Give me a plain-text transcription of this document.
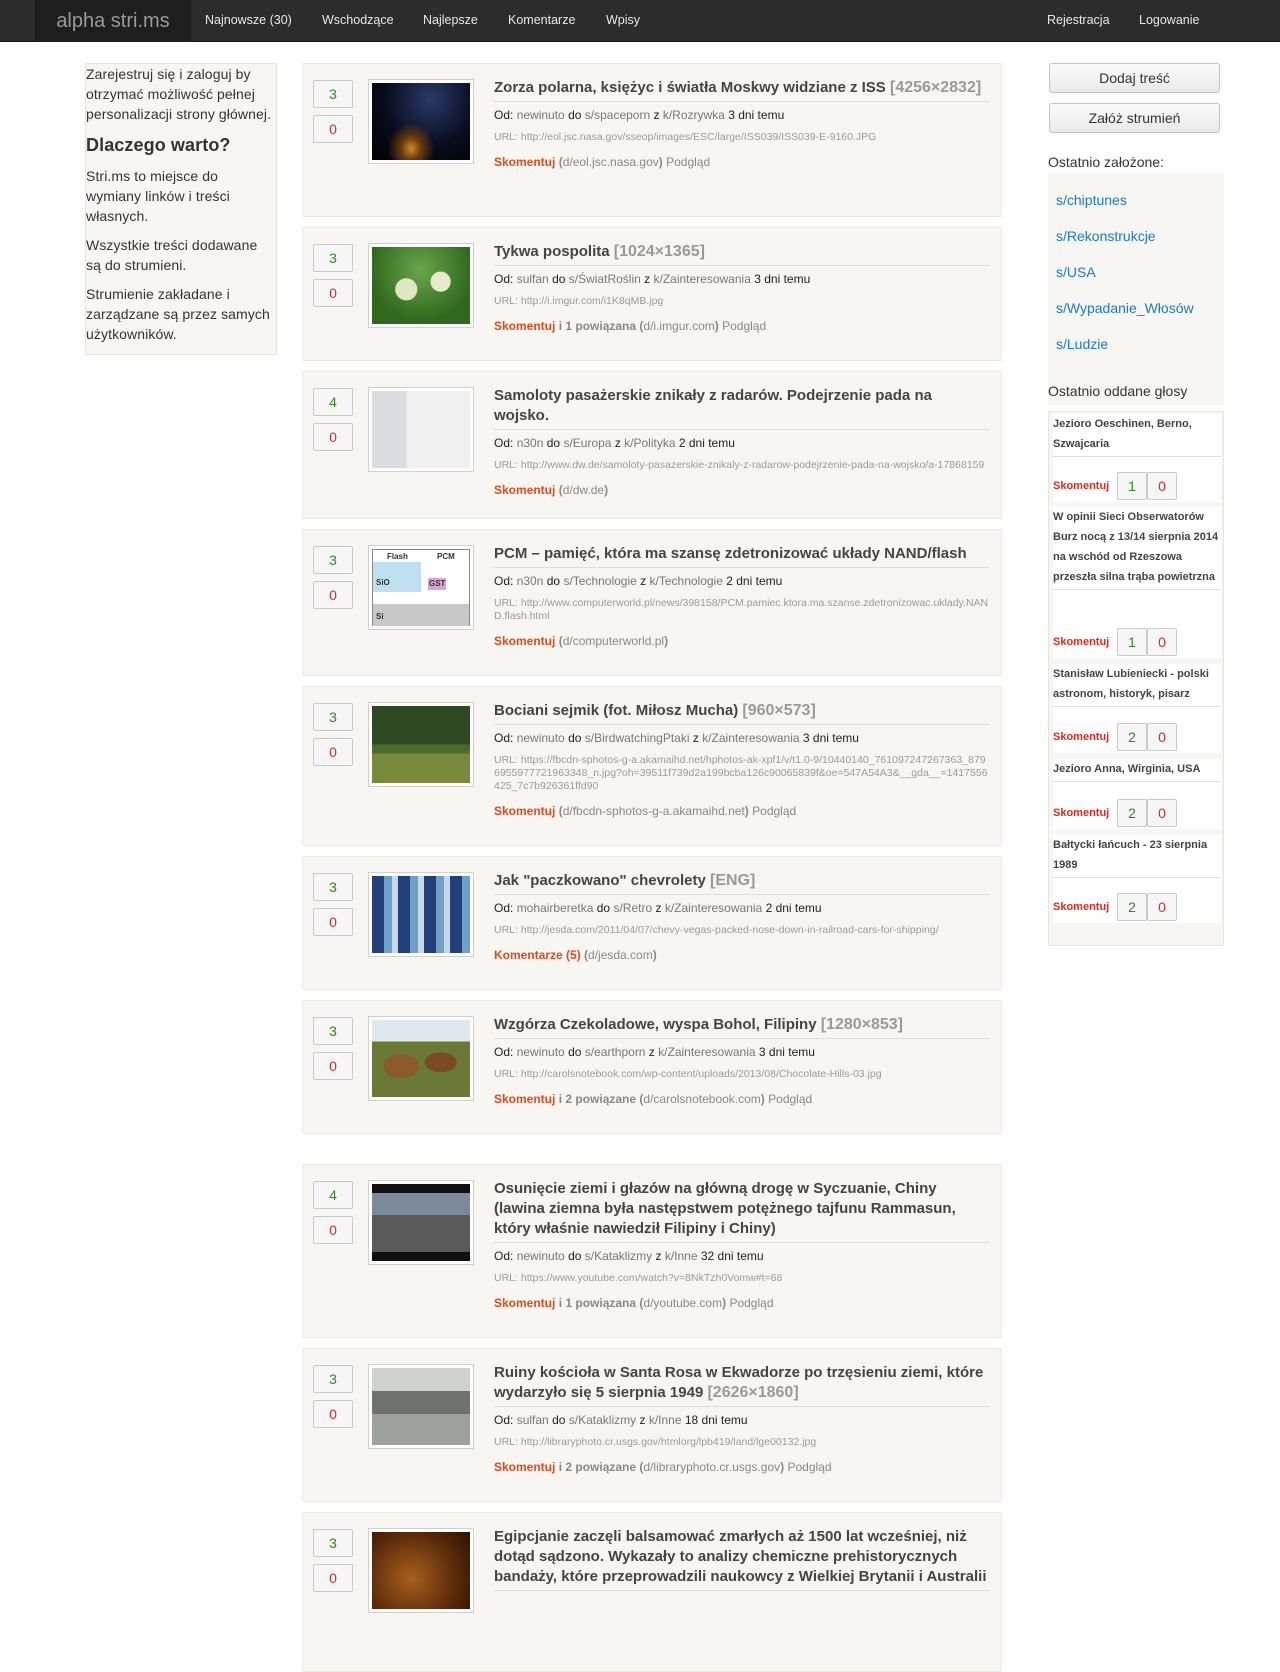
alpha stri.ms	Najnowsze (30) Wschodzące Najlepsze Komentarze Wpisy	Rejestracja Logowanie

Zarejestruj się i zaloguj by otrzymać możliwość pełnej personalizacji strony głównej.

Dlaczego warto?

Stri.ms to miejsce do wymiany linków i treści własnych.

Wszystkie treści dodawane są do strumieni.

Strumienie zakładane i zarządzane są przez samych użytkowników.

3
0
Zorza polarna, księżyc i światła Moskwy widziane z ISS [4256×2832]
Od: newinuto do s/spaceporn z k/Rozrywka 3 dni temu
URL: http://eol.jsc.nasa.gov/sseop/images/ESC/large/ISS039/ISS039-E-9160.JPG
Skomentuj (d/eol.jsc.nasa.gov) Podgląd
3
0
Tykwa pospolita [1024×1365]
Od: sulfan do s/ŚwiatRoślin z k/Zainteresowania 3 dni temu
URL: http://i.imgur.com/i1K8qMB.jpg
Skomentuj i 1 powiązana (d/i.imgur.com) Podgląd
4
0
Samoloty pasażerskie znikały z radarów. Podejrzenie pada na wojsko.
Od: n30n do s/Europa z k/Polityka 2 dni temu
URL: http://www.dw.de/samoloty-pasazerskie-znikaly-z-radarow-podejrzenie-pada-na-wojsko/a-17868159
Skomentuj (d/dw.de)
3
0
Flash	PCM
GST
SiO
Si
PCM – pamięć, która ma szansę zdetronizować układy NAND/flash
Od: n30n do s/Technologie z k/Technologie 2 dni temu
URL: http://www.computerworld.pl/news/398158/PCM.pamiec.ktora.ma.szanse.zdetronizowac.uklady.NAND.flash.html
Skomentuj (d/computerworld.pl)
3
0
Bociani sejmik (fot. Miłosz Mucha) [960×573]
Od: newinuto do s/BirdwatchingPtaki z k/Zainteresowania 3 dni temu
URL: https://fbcdn-sphotos-g-a.akamaihd.net/hphotos-ak-xpf1/v/t1.0-9/10440140_761097247267363_8796955977721963348_n.jpg?oh=39511f739d2a199bcba126c90065839f&oe=547A54A3&__gda__=1417556425_7c7b926361ffd90
Skomentuj (d/fbcdn-sphotos-g-a.akamaihd.net) Podgląd
3
0
Jak "paczkowano" chevrolety [ENG]
Od: mohairberetka do s/Retro z k/Zainteresowania 2 dni temu
URL: http://jesda.com/2011/04/07/chevy-vegas-packed-nose-down-in-railroad-cars-for-shipping/
Komentarze (5) (d/jesda.com)
3
0
Wzgórza Czekoladowe, wyspa Bohol, Filipiny [1280×853]
Od: newinuto do s/earthporn z k/Zainteresowania 3 dni temu
URL: http://carolsnotebook.com/wp-content/uploads/2013/08/Chocolate-Hills-03.jpg
Skomentuj i 2 powiązane (d/carolsnotebook.com) Podgląd
4
0
Osunięcie ziemi i głazów na główną drogę w Syczuanie, Chiny (lawina ziemna była następstwem potężnego tajfunu Rammasun, który właśnie nawiedził Filipiny i Chiny)
Od: newinuto do s/Kataklizmy z k/Inne 32 dni temu
URL: https://www.youtube.com/watch?v=8NkTzh0Vomw#t=68
Skomentuj i 1 powiązana (d/youtube.com) Podgląd
3
0
Ruiny kościoła w Santa Rosa w Ekwadorze po trzęsieniu ziemi, które wydarzyło się 5 sierpnia 1949 [2626×1860]
Od: sulfan do s/Kataklizmy z k/Inne 18 dni temu
URL: http://libraryphoto.cr.usgs.gov/htmlorg/lpb419/land/lge00132.jpg
Skomentuj i 2 powiązane (d/libraryphoto.cr.usgs.gov) Podgląd
3
0
Egipcjanie zaczęli balsamować zmarłych aż 1500 lat wcześniej, niż dotąd sądzono. Wykazały to analizy chemiczne prehistorycznych bandaży, które przeprowadzili naukowcy z Wielkiej Brytanii i Australii
Dodaj treść
Załóż strumień
Ostatnio założone:
s/chiptunes
s/Rekonstrukcje
s/USA
s/Wypadanie_Włosów
s/Ludzie
Ostatnio oddane głosy
Jezioro Oeschinen, Berno, Szwajcaria
Skomentuj	1	0
W opinii Sieci Obserwatorów Burz nocą z 13/14 sierpnia 2014 na wschód od Rzeszowa przeszła silna trąba powietrzna
Skomentuj	1	0
Stanisław Lubieniecki - polski astronom, historyk, pisarz
Skomentuj	2	0
Jezioro Anna, Wirginia, USA
Skomentuj	2	0
Bałtycki łańcuch - 23 sierpnia 1989
Skomentuj	2	0
